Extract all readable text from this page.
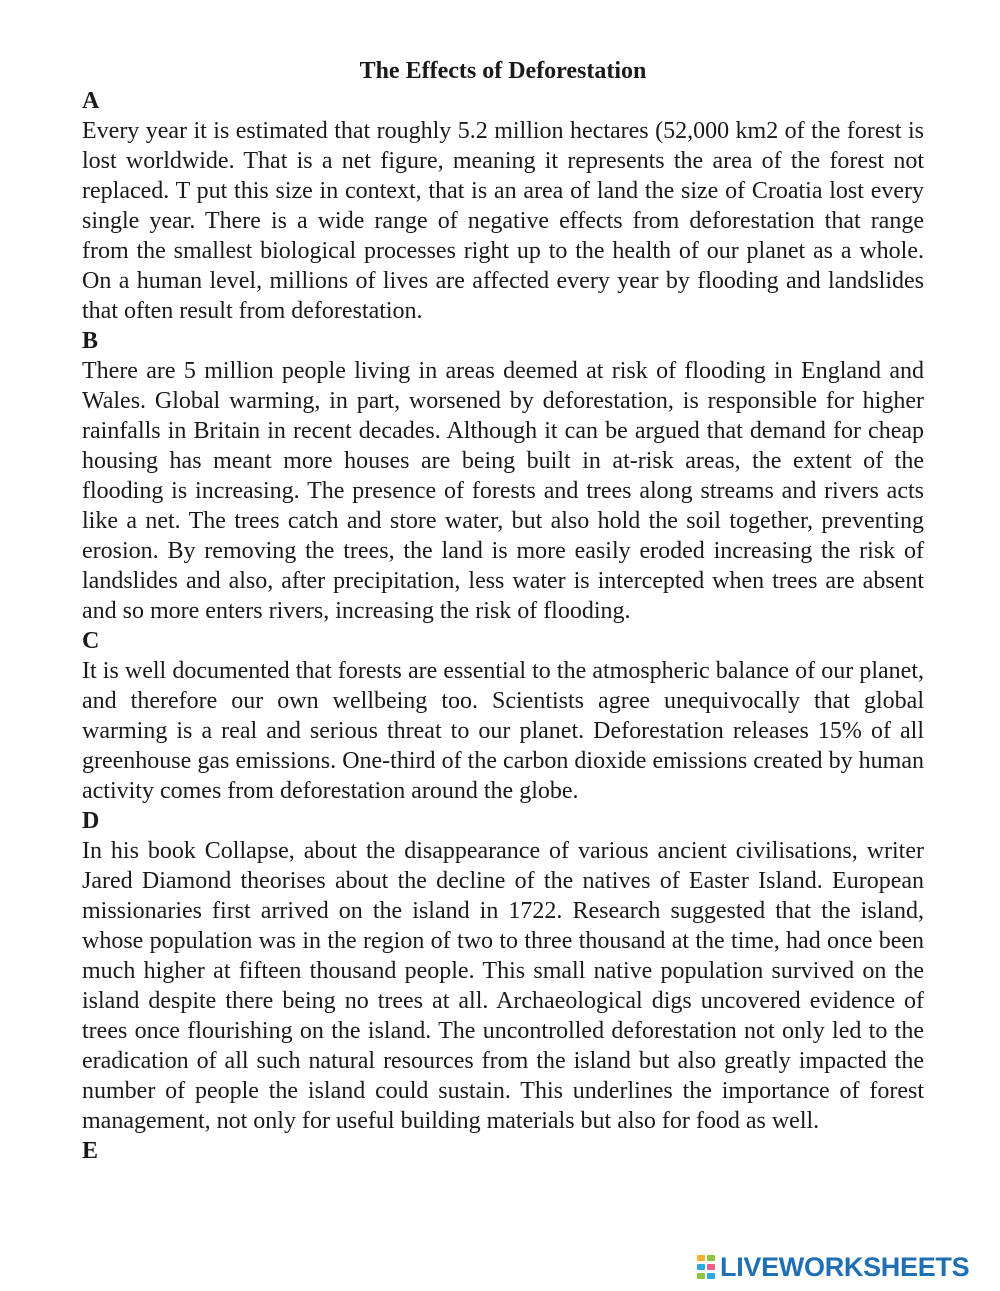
The Effects of Deforestation

A

Every year it is estimated that roughly 5.2 million hectares (52,000 km2 of the forest is lost worldwide. That is a net figure, meaning it represents the area of the forest not replaced. T put this size in context, that is an area of land the size of Croatia lost every single year. There is a wide range of negative effects from deforestation that range from the smallest biological processes right up to the health of our planet as a whole. On a human level, millions of lives are affected every year by flooding and landslides that often result from deforestation.

B

There are 5 million people living in areas deemed at risk of flooding in England and Wales. Global warming, in part, worsened by deforestation, is responsible for higher rainfalls in Britain in recent decades. Although it can be argued that demand for cheap housing has meant more houses are being built in at-risk areas, the extent of the flooding is increasing. The presence of forests and trees along streams and rivers acts like a net. The trees catch and store water, but also hold the soil together, preventing erosion. By removing the trees, the land is more easily eroded increasing the risk of landslides and also, after precipitation, less water is intercepted when trees are absent and so more enters rivers, increasing the risk of flooding.

C

It is well documented that forests are essential to the atmospheric balance of our planet, and therefore our own wellbeing too. Scientists agree unequivocally that global warming is a real and serious threat to our planet. Deforestation releases 15% of all greenhouse gas emissions. One-third of the carbon dioxide emissions created by human activity comes from deforestation around the globe.

D

In his book Collapse, about the disappearance of various ancient civilisations, writer Jared Diamond theorises about the decline of the natives of Easter Island. European missionaries first arrived on the island in 1722. Research suggested that the island, whose population was in the region of two to three thousand at the time, had once been much higher at fifteen thousand people. This small native population survived on the island despite there being no trees at all. Archaeological digs uncovered evidence of trees once flourishing on the island. The uncontrolled deforestation not only led to the eradication of all such natural resources from the island but also greatly impacted the number of people the island could sustain. This underlines the importance of forest management, not only for useful building materials but also for food as well.

E

LIVEWORKSHEETS
